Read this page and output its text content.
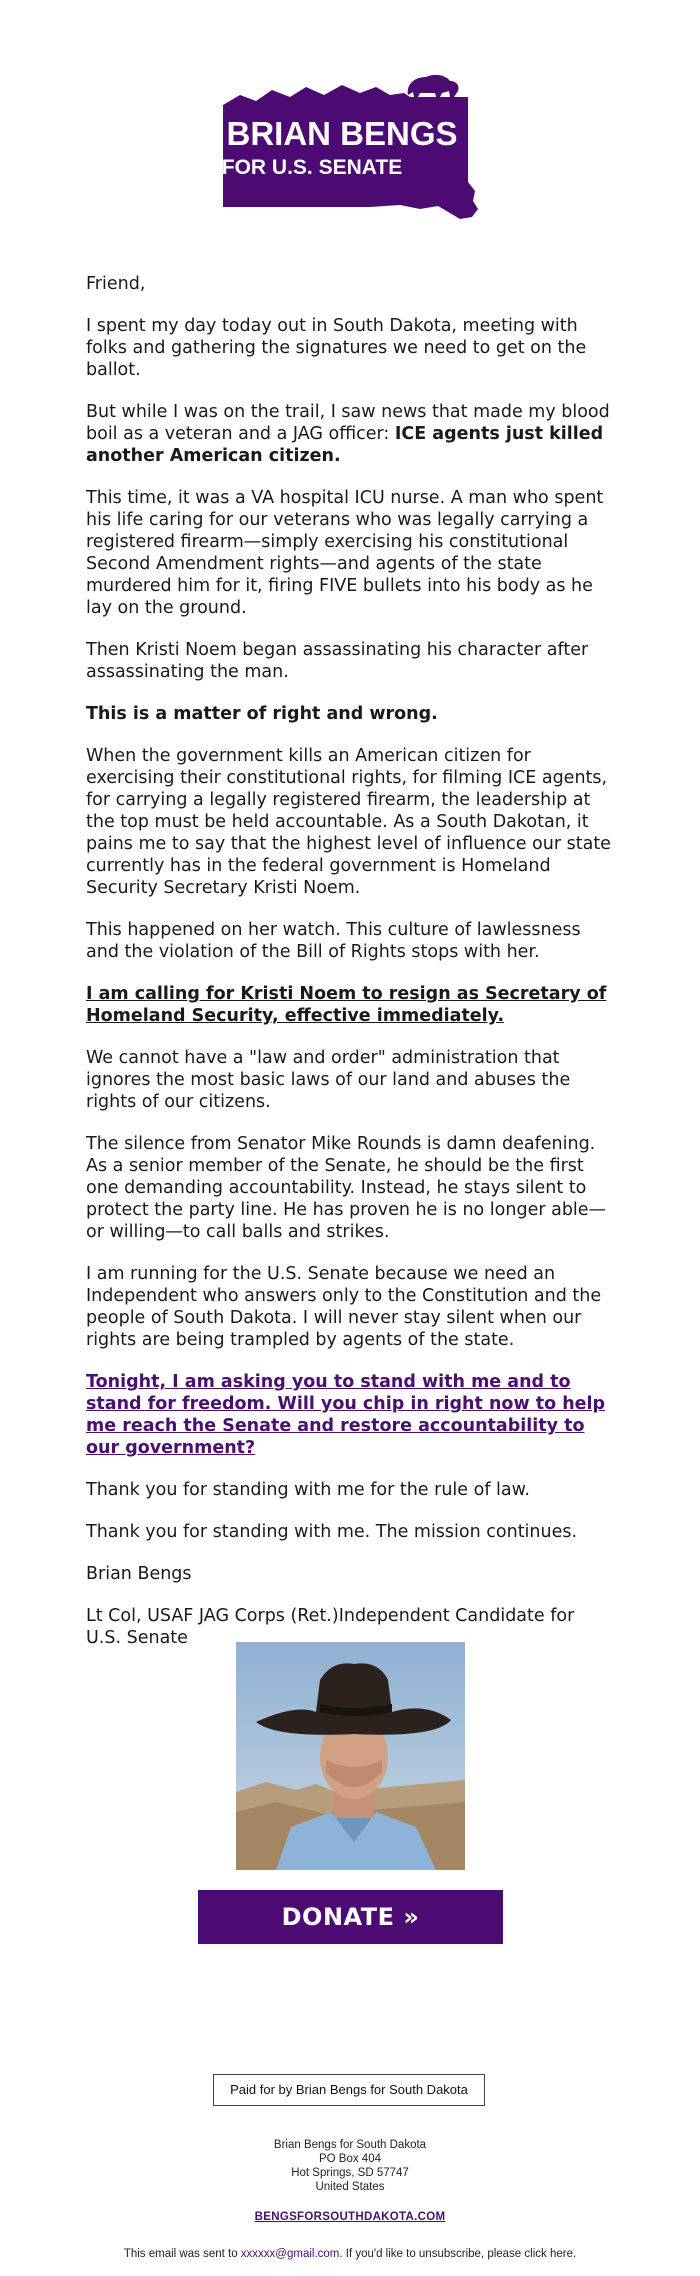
BRIAN BENGS
FOR U.S. SENATE

Friend,

I spent my day today out in South Dakota, meeting with folks and gathering the signatures we need to get on the ballot.

But while I was on the trail, I saw news that made my blood boil as a veteran and a JAG officer: ICE agents just killed another American citizen.

This time, it was a VA hospital ICU nurse. A man who spent his life caring for our veterans who was legally carrying a registered firearm—simply exercising his constitutional Second Amendment rights—and agents of the state murdered him for it, firing FIVE bullets into his body as he lay on the ground.

Then Kristi Noem began assassinating his character after assassinating the man.

This is a matter of right and wrong.

When the government kills an American citizen for exercising their constitutional rights, for filming ICE agents, for carrying a legally registered firearm, the leadership at the top must be held accountable. As a South Dakotan, it pains me to say that the highest level of influence our state currently has in the federal government is Homeland Security Secretary Kristi Noem.

This happened on her watch. This culture of lawlessness and the violation of the Bill of Rights stops with her.

I am calling for Kristi Noem to resign as Secretary of Homeland Security, effective immediately.

We cannot have a "law and order" administration that ignores the most basic laws of our land and abuses the rights of our citizens.

The silence from Senator Mike Rounds is damn deafening. As a senior member of the Senate, he should be the first one demanding accountability. Instead, he stays silent to protect the party line. He has proven he is no longer able—or willing—to call balls and strikes.

I am running for the U.S. Senate because we need an Independent who answers only to the Constitution and the people of South Dakota. I will never stay silent when our rights are being trampled by agents of the state.

Tonight, I am asking you to stand with me and to stand for freedom. Will you chip in right now to help me reach the Senate and restore accountability to our government?

Thank you for standing with me for the rule of law.

Thank you for standing with me. The mission continues.

Brian Bengs

Lt Col, USAF JAG Corps (Ret.)Independent Candidate for U.S. Senate

DONATE »
Paid for by Brian Bengs for South Dakota
Brian Bengs for South Dakota
PO Box 404
Hot Springs, SD 57747
United States
BENGSFORSOUTHDAKOTA.COM
This email was sent to xxxxxx@gmail.com. If you'd like to unsubscribe, please click here.
